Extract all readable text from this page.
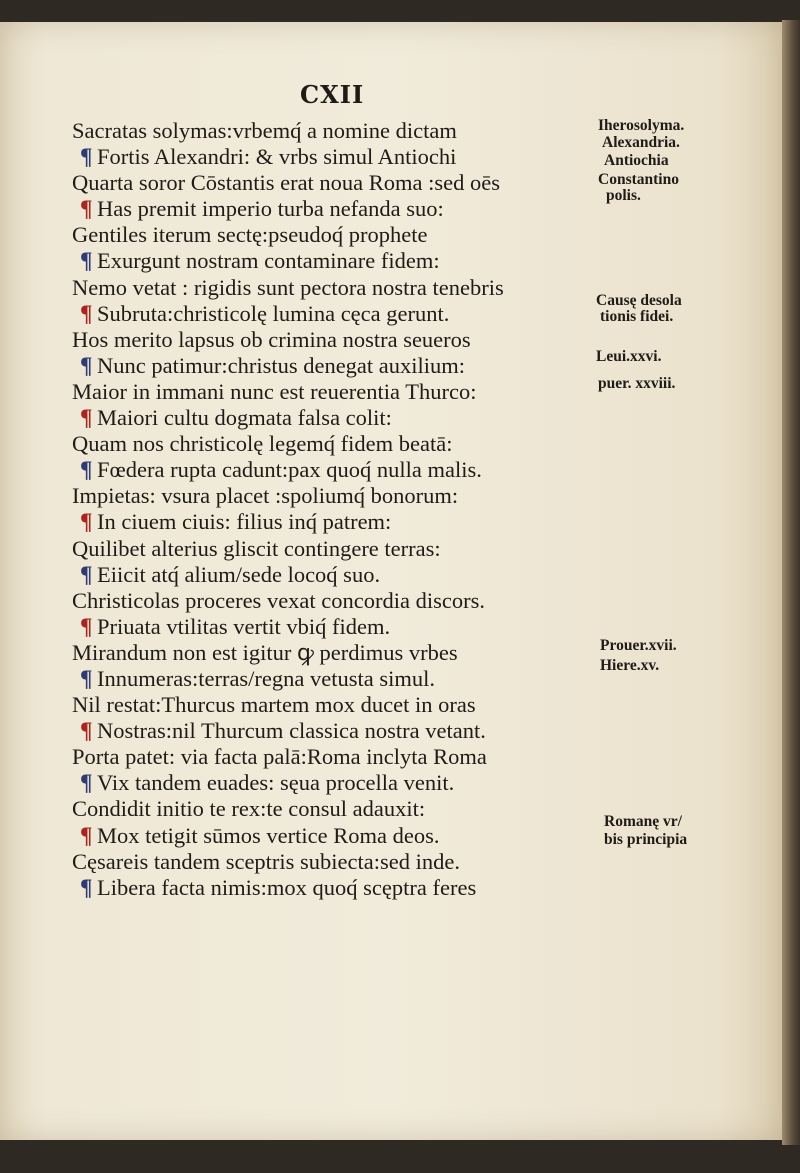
CXII
Sacratas solymas:vrbemq́ a nomine dictam
¶ Fortis Alexandri: & vrbs simul Antiochi
Quarta soror Cōstantis erat noua Roma :sed oēs
¶ Has premit imperio turba nefanda suo:
Gentiles iterum sectę:pseudoq́ prophete
¶ Exurgunt nostram contaminare fidem:
Nemo vetat : rigidis sunt pectora nostra tenebris
¶ Subruta:christicolę lumina cęca gerunt.
Hos merito lapsus ob crimina nostra seueros
¶ Nunc patimur:christus denegat auxilium:
Maior in immani nunc est reuerentia Thurco:
¶ Maiori cultu dogmata falsa colit:
Quam nos christicolę legemq́ fidem beatā:
¶ Fœdera rupta cadunt:pax quoq́ nulla malis.
Impietas: vsura placet :spoliumq́ bonorum:
¶ In ciuem ciuis: filius inq́ patrem:
Quilibet alterius gliscit contingere terras:
¶ Eiicit atq́ alium/sede locoq́ suo.
Christicolas proceres vexat concordia discors.
¶ Priuata vtilitas vertit vbiq́ fidem.
Mirandum non est igitur ꝙ perdimus vrbes
¶ Innumeras:terras/regna vetusta simul.
Nil restat:Thurcus martem mox ducet in oras
¶ Nostras:nil Thurcum classica nostra vetant.
Porta patet: via facta palā:Roma inclyta Roma
¶ Vix tandem euades: sęua procella venit.
Condidit initio te rex:te consul adauxit:
¶ Mox tetigit sūmos vertice Roma deos.
Cęsareis tandem sceptris subiecta:sed inde.
¶ Libera facta nimis:mox quoq́ scęptra feres
Iherosolyma.
Alexandria.
Antiochia
Constantino
polis.
Causę desola
tionis fidei.
Leui.xxvi.
puer. xxviii.
Prouer.xvii.
Hiere.xv.
Romanę vr/
bis principia
